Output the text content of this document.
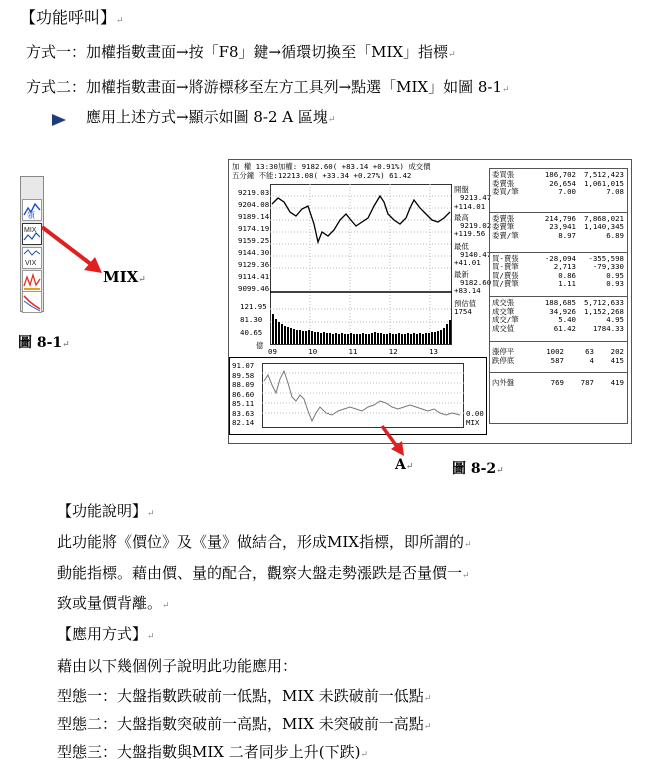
【功能呼叫】↵
方式一：加權指數畫面→按「F8」鍵→循環切換至「MIX」指標↵
方式二：加權指數畫面→將游標移至左方工具列→點選「MIX」如圖 8-1↵
應用上述方式→顯示如圖 8-2 A 區塊↵
領
MIX
VIX
MIX↵
圖 8-1↵
加 權 13:30加權: 9182.60( +83.14 +0.91%) 成交價
五分鐘 不能:12213.08( +33.34 +0.27%) 61.42
9219.03
9204.08
9189.14
9174.19
9159.25
9144.30
9129.36
9114.41
9099.46
121.95
81.30
40.65
億
09	10	11	12	13
開盤
9213.47
+114.01
最高
9219.02
+119.56
最低
9140.47
+41.01
最新
9182.60
+83.14
預估值
1754
91.07
89.58
88.09
86.60
85.11
83.63
82.14
0.00
MIX
委買張	186,702	7,512,423
委賣張	26,654	1,061,015
委買/筆	7.00	7.08
委賣張	214,796	7,868,021
委賣筆	23,941	1,140,345
委賣/筆	8.97	6.89
買-賣張	-28,094	-355,598
買-賣筆	2,713	-79,330
買/賣張	0.86	0.95
買/賣筆	1.11	0.93
成交張	188,685	5,712,633
成交筆	34,926	1,152,268
成交/筆	5.40	4.95
成交值	61.42	1784.33
漲停平	1002	63	202
跌停底	587	4	415
內外盤	769	787	419
A↵	圖 8-2↵
【功能說明】↵
此功能將《價位》及《量》做結合，形成MIX指標，即所謂的↵
動能指標。藉由價、量的配合，觀察大盤走勢漲跌是否量價一↵
致或量價背離。↵
【應用方式】↵
藉由以下幾個例子說明此功能應用：
型態一：大盤指數跌破前一低點，MIX 未跌破前一低點↵
型態二：大盤指數突破前一高點，MIX 未突破前一高點↵
型態三：大盤指數與MIX 二者同步上升(下跌)↵
